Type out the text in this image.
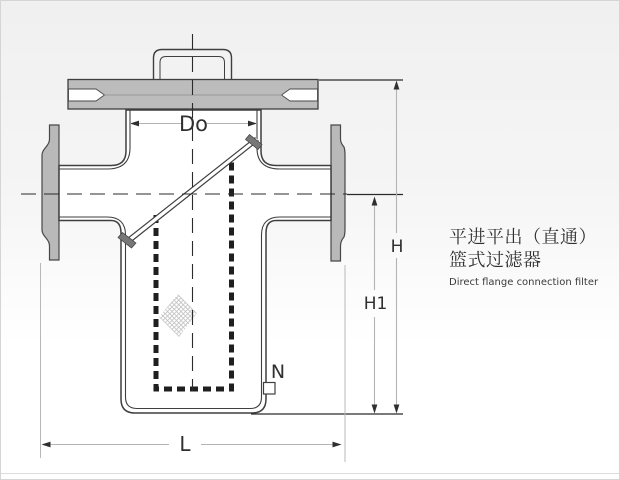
Do
H
H1
L
N
平进平出（直通）
篮式过滤器
Direct flange connection filter
